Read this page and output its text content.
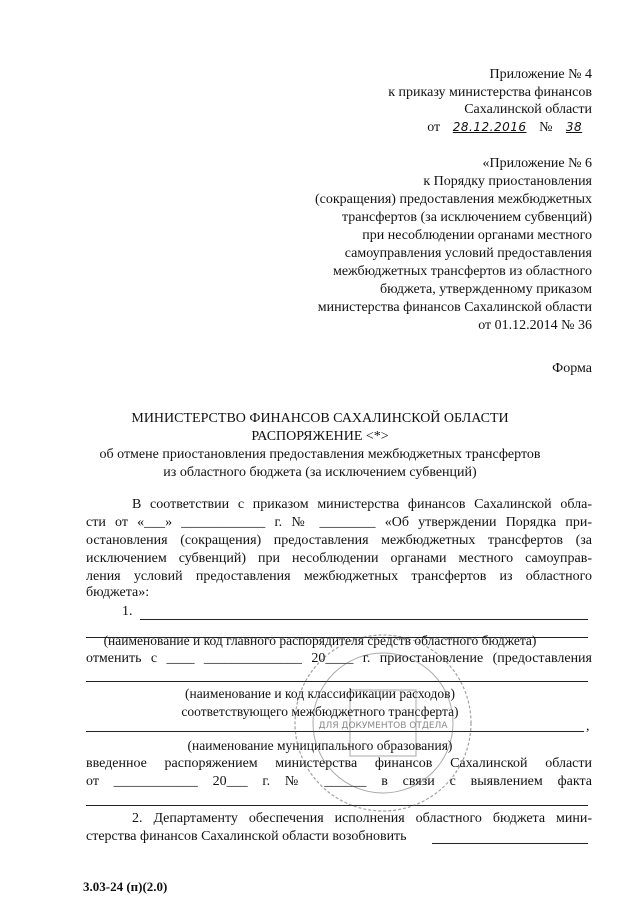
Приложение № 4
к приказу министерства финансов
Сахалинской области
от 28.12.2016 № 38
«Приложение № 6
к Порядку приостановления
(сокращения) предоставления межбюджетных
трансфертов (за исключением субвенций)
при несоблюдении органами местного
самоуправления условий предоставления
межбюджетных трансфертов из областного
бюджета, утвержденному приказом
министерства финансов Сахалинской области
от 01.12.2014 № 36
Форма
МИНИСТЕРСТВО ФИНАНСОВ САХАЛИНСКОЙ ОБЛАСТИ
РАСПОРЯЖЕНИЕ <*>
об отмене приостановления предоставления межбюджетных трансфертов
из областного бюджета (за исключением субвенций)
В соответствии с приказом министерства финансов Сахалинской обла-
сти от «___» ____________ г. № ________ «Об утверждении Порядка при-
остановления (сокращения) предоставления межбюджетных трансфертов (за
исключением субвенций) при несоблюдении органами местного самоуправ-
ления условий предоставления межбюджетных трансфертов из областного
бюджета»:
1.
(наименование и код главного распорядителя средств областного бюджета)
отменить с ____ ______________ 20____ г. приостановление (предоставления
(наименование и код классификации расходов)
соответствующего межбюджетного трансферта)
,
(наименование муниципального образования)
введенное распоряжением министерства финансов Сахалинской области
от ____________ 20___ г. № ______ в связи с выявлением факта
2. Департаменту обеспечения исполнения областного бюджета мини-
стерства финансов Сахалинской области возобновить
ДЛЯ ДОКУМЕНТОВ ОТДЕЛА
3.03-24 (п)(2.0)
